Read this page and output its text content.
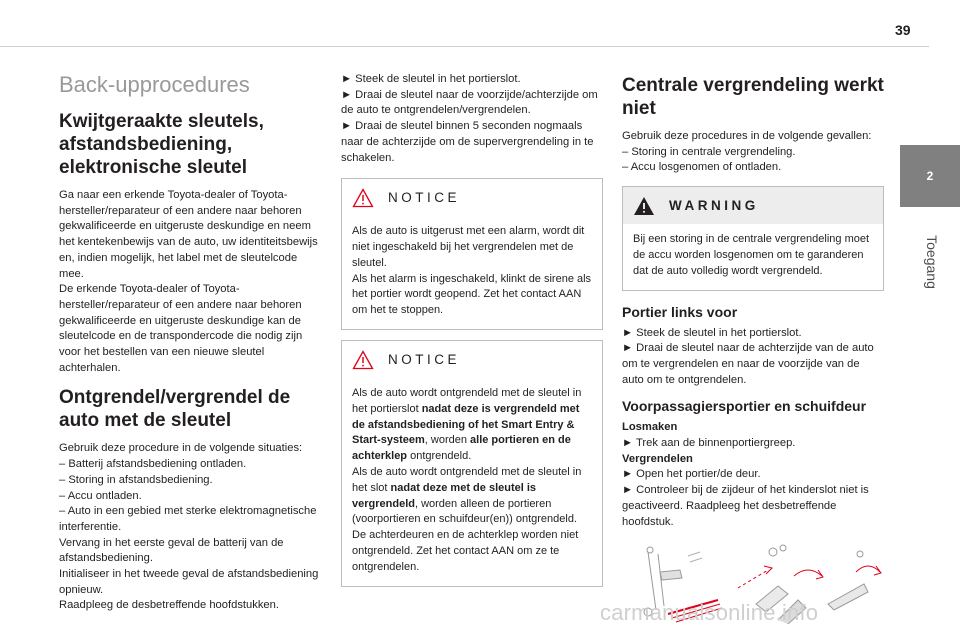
39
2
Toegang
Back-upprocedures
Kwijtgeraakte sleutels, afstandsbediening, elektronische sleutel

Ga naar een erkende Toyota-dealer of Toyota-hersteller/reparateur of een andere naar behoren gekwalificeerde en uitgeruste deskundige en neem het kentekenbewijs van de auto, uw identiteitsbewijs en, indien mogelijk, het label met de sleutelcode mee.

De erkende Toyota-dealer of Toyota-hersteller/reparateur of een andere naar behoren gekwalificeerde en uitgeruste deskundige kan de sleutelcode en de transpondercode die nodig zijn voor het bestellen van een nieuwe sleutel achterhalen.

Ontgrendel/vergrendel de auto met de sleutel

Gebruik deze procedure in de volgende situaties:

– Batterij afstandsbediening ontladen.

– Storing in afstandsbediening.

– Accu ontladen.

– Auto in een gebied met sterke elektromagnetische interferentie.

Vervang in het eerste geval de batterij van de afstandsbediening.

Initialiseer in het tweede geval de afstandsbediening opnieuw.

Raadpleeg de desbetreffende hoofdstukken.

► Steek de sleutel in het portierslot.

► Draai de sleutel naar de voorzijde/achterzijde om de auto te ontgrendelen/vergrendelen.

► Draai de sleutel binnen 5 seconden nogmaals naar de achterzijde om de supervergrendeling in te schakelen.

NOTICE

Als de auto is uitgerust met een alarm, wordt dit niet ingeschakeld bij het vergrendelen met de sleutel.

Als het alarm is ingeschakeld, klinkt de sirene als het portier wordt geopend. Zet het contact AAN om het te stoppen.

NOTICE

Als de auto wordt ontgrendeld met de sleutel in het portierslot nadat deze is vergrendeld met de afstandsbediening of het Smart Entry & Start-systeem, worden alle portieren en de achterklep ontgrendeld.

Als de auto wordt ontgrendeld met de sleutel in het slot nadat deze met de sleutel is vergrendeld, worden alleen de portieren (voorportieren en schuifdeur(en)) ontgrendeld.

De achterdeuren en de achterklep worden niet ontgrendeld. Zet het contact AAN om ze te ontgrendelen.

Centrale vergrendeling werkt niet

Gebruik deze procedures in de volgende gevallen:

– Storing in centrale vergrendeling.

– Accu losgenomen of ontladen.

WARNING

Bij een storing in de centrale vergrendeling moet de accu worden losgenomen om te garanderen dat de auto volledig wordt vergrendeld.

Portier links voor

► Steek de sleutel in het portierslot.

► Draai de sleutel naar de achterzijde van de auto om te vergrendelen en naar de voorzijde van de auto om te ontgrendelen.

Voorpassagiersportier en schuifdeur

Losmaken

► Trek aan de binnenportiergreep.

Vergrendelen

► Open het portier/de deur.

► Controleer bij de zijdeur of het kinderslot niet is geactiveerd. Raadpleeg het desbetreffende hoofdstuk.

carmanualsonline.info
